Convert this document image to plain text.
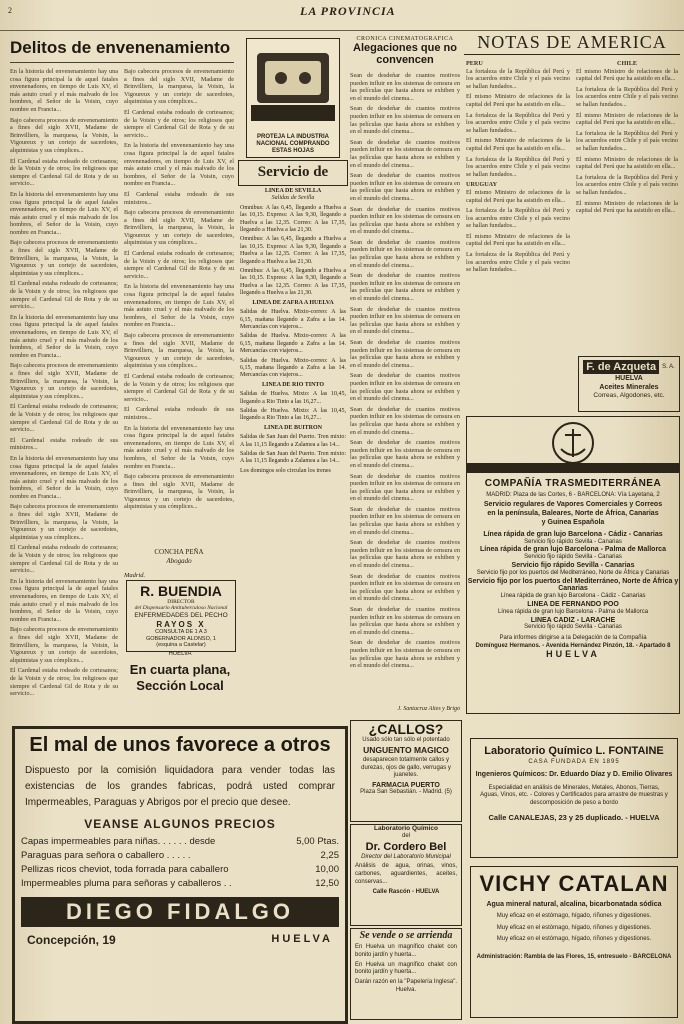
2	LA PROVINCIA
Delitos de envenenamiento

En la historia del envenenamiento hay una cosa figura principal la de aquel fatales envenenadores, en tiempo de Luis XV, el más astuto cruel y el más malvado de los hombres, el Señor de la Voisin, cuyo nombre en Francia...

Bajo cabecera procesos de envenenamiento a fines del siglo XVII, Madame de Brinvilliers, la marquesa, la Voisin, la Vigoureux y un cortejo de sacerdotes, alquimistas y sus cómplices...

El Cardenal estaba rodeado de cortesanos; de la Voisin y de otros; los religiosos que siempre el Cardenal Gil de Rota y de su servicio...

En la historia del envenenamiento hay una cosa figura principal la de aquel fatales envenenadores, en tiempo de Luis XV, el más astuto cruel y el más malvado de los hombres, el Señor de la Voisin, cuyo nombre en Francia...

Bajo cabecera procesos de envenenamiento a fines del siglo XVII, Madame de Brinvilliers, la marquesa, la Voisin, la Vigoureux y un cortejo de sacerdotes, alquimistas y sus cómplices...

El Cardenal estaba rodeado de cortesanos; de la Voisin y de otros; los religiosos que siempre el Cardenal Gil de Rota y de su servicio...

En la historia del envenenamiento hay una cosa figura principal la de aquel fatales envenenadores, en tiempo de Luis XV, el más astuto cruel y el más malvado de los hombres, el Señor de la Voisin, cuyo nombre en Francia...

Bajo cabecera procesos de envenenamiento a fines del siglo XVII, Madame de Brinvilliers, la marquesa, la Voisin, la Vigoureux y un cortejo de sacerdotes, alquimistas y sus cómplices...

El Cardenal estaba rodeado de cortesanos; de la Voisin y de otros; los religiosos que siempre el Cardenal Gil de Rota y de su servicio...

El Cardenal estaba rodeado de sus ministros...

En la historia del envenenamiento hay una cosa figura principal la de aquel fatales envenenadores, en tiempo de Luis XV, el más astuto cruel y el más malvado de los hombres, el Señor de la Voisin, cuyo nombre en Francia...

Bajo cabecera procesos de envenenamiento a fines del siglo XVII, Madame de Brinvilliers, la marquesa, la Voisin, la Vigoureux y un cortejo de sacerdotes, alquimistas y sus cómplices...

El Cardenal estaba rodeado de cortesanos; de la Voisin y de otros; los religiosos que siempre el Cardenal Gil de Rota y de su servicio...

En la historia del envenenamiento hay una cosa figura principal la de aquel fatales envenenadores, en tiempo de Luis XV, el más astuto cruel y el más malvado de los hombres, el Señor de la Voisin, cuyo nombre en Francia...

Bajo cabecera procesos de envenenamiento a fines del siglo XVII, Madame de Brinvilliers, la marquesa, la Voisin, la Vigoureux y un cortejo de sacerdotes, alquimistas y sus cómplices...

El Cardenal estaba rodeado de cortesanos; de la Voisin y de otros; los religiosos que siempre el Cardenal Gil de Rota y de su servicio...

Bajo cabecera procesos de envenenamiento a fines del siglo XVII, Madame de Brinvilliers, la marquesa, la Voisin, la Vigoureux y un cortejo de sacerdotes, alquimistas y sus cómplices...

El Cardenal estaba rodeado de cortesanos; de la Voisin y de otros; los religiosos que siempre el Cardenal Gil de Rota y de su servicio...

En la historia del envenenamiento hay una cosa figura principal la de aquel fatales envenenadores, en tiempo de Luis XV, el más astuto cruel y el más malvado de los hombres, el Señor de la Voisin, cuyo nombre en Francia...

El Cardenal estaba rodeado de sus ministros...

Bajo cabecera procesos de envenenamiento a fines del siglo XVII, Madame de Brinvilliers, la marquesa, la Voisin, la Vigoureux y un cortejo de sacerdotes, alquimistas y sus cómplices...

El Cardenal estaba rodeado de cortesanos; de la Voisin y de otros; los religiosos que siempre el Cardenal Gil de Rota y de su servicio...

En la historia del envenenamiento hay una cosa figura principal la de aquel fatales envenenadores, en tiempo de Luis XV, el más astuto cruel y el más malvado de los hombres, el Señor de la Voisin, cuyo nombre en Francia...

Bajo cabecera procesos de envenenamiento a fines del siglo XVII, Madame de Brinvilliers, la marquesa, la Voisin, la Vigoureux y un cortejo de sacerdotes, alquimistas y sus cómplices...

El Cardenal estaba rodeado de cortesanos; de la Voisin y de otros; los religiosos que siempre el Cardenal Gil de Rota y de su servicio...

El Cardenal estaba rodeado de sus ministros...

En la historia del envenenamiento hay una cosa figura principal la de aquel fatales envenenadores, en tiempo de Luis XV, el más astuto cruel y el más malvado de los hombres, el Señor de la Voisin, cuyo nombre en Francia...

Bajo cabecera procesos de envenenamiento a fines del siglo XVII, Madame de Brinvilliers, la marquesa, la Voisin, la Vigoureux y un cortejo de sacerdotes, alquimistas y sus cómplices...

CONCHA PEÑA
Abogado
Madrid.
R. BUENDIA
DIRECTOR
del Dispensario Antituberculoso Nacional
ENFERMEDADES DEL PECHO
RAYOS X
CONSULTA DE 1 A 3
GOBERNADOR ALONSO, 1
(esquina a Castelar)
HUELVA
En cuarta plana,
Sección Local
PROTEJA LA INDUSTRIA
NACIONAL COMPRANDO
ESTAS HOJAS
Servicio de
LINEA DE SEVILLA
Salidas de Sevilla

Omnibus: A las 6,45, llegando a Huelva a las 10,15. Express: A las 9,30, llegando a Huelva a las 12,35. Correo: A las 17,35, llegando a Huelva a las 21,30.

Omnibus: A las 6,45, llegando a Huelva a las 10,15. Express: A las 9,30, llegando a Huelva a las 12,35. Correo: A las 17,35, llegando a Huelva a las 21,30.

Omnibus: A las 6,45, llegando a Huelva a las 10,15. Express: A las 9,30, llegando a Huelva a las 12,35. Correo: A las 17,35, llegando a Huelva a las 21,30.

LINEA DE ZAFRA A HUELVA

Salidas de Huelva. Mixto-correo: A las 6,15, mañana llegando a Zafra a las 14. Mercancías con viajeros...

Salidas de Huelva. Mixto-correo: A las 6,15, mañana llegando a Zafra a las 14. Mercancías con viajeros...

Salidas de Huelva. Mixto-correo: A las 6,15, mañana llegando a Zafra a las 14. Mercancías con viajeros...

LINEA DE RIO TINTO

Salidas de Huelva. Mixto: A las 10,45, llegando a Rio Tinto a las 16,27...

Salidas de Huelva. Mixto: A las 10,45, llegando a Rio Tinto a las 16,27...

LINEA DE BUITRON

Salidas de San Juan del Puerto. Tren mixto: A las 11,15 llegando a Zalamea a las 14...

Salidas de San Juan del Puerto. Tren mixto: A las 11,15 llegando a Zalamea a las 14...

Los domingos solo circulan los trenes

CRÓNICA CINEMATOGRÁFICA
Alegaciones que no convencen

Sean de desdeñar de cuantos motivos pueden influir en los sistemas de censura en las películas que hasta ahora se exhiben y en el mundo del cinema...

Sean de desdeñar de cuantos motivos pueden influir en los sistemas de censura en las películas que hasta ahora se exhiben y en el mundo del cinema...

Sean de desdeñar de cuantos motivos pueden influir en los sistemas de censura en las películas que hasta ahora se exhiben y en el mundo del cinema...

Sean de desdeñar de cuantos motivos pueden influir en los sistemas de censura en las películas que hasta ahora se exhiben y en el mundo del cinema...

Sean de desdeñar de cuantos motivos pueden influir en los sistemas de censura en las películas que hasta ahora se exhiben y en el mundo del cinema...

Sean de desdeñar de cuantos motivos pueden influir en los sistemas de censura en las películas que hasta ahora se exhiben y en el mundo del cinema...

Sean de desdeñar de cuantos motivos pueden influir en los sistemas de censura en las películas que hasta ahora se exhiben y en el mundo del cinema...

Sean de desdeñar de cuantos motivos pueden influir en los sistemas de censura en las películas que hasta ahora se exhiben y en el mundo del cinema...

Sean de desdeñar de cuantos motivos pueden influir en los sistemas de censura en las películas que hasta ahora se exhiben y en el mundo del cinema...

Sean de desdeñar de cuantos motivos pueden influir en los sistemas de censura en las películas que hasta ahora se exhiben y en el mundo del cinema...

Sean de desdeñar de cuantos motivos pueden influir en los sistemas de censura en las películas que hasta ahora se exhiben y en el mundo del cinema...

Sean de desdeñar de cuantos motivos pueden influir en los sistemas de censura en las películas que hasta ahora se exhiben y en el mundo del cinema...

Sean de desdeñar de cuantos motivos pueden influir en los sistemas de censura en las películas que hasta ahora se exhiben y en el mundo del cinema...

Sean de desdeñar de cuantos motivos pueden influir en los sistemas de censura en las películas que hasta ahora se exhiben y en el mundo del cinema...

Sean de desdeñar de cuantos motivos pueden influir en los sistemas de censura en las películas que hasta ahora se exhiben y en el mundo del cinema...

Sean de desdeñar de cuantos motivos pueden influir en los sistemas de censura en las películas que hasta ahora se exhiben y en el mundo del cinema...

Sean de desdeñar de cuantos motivos pueden influir en los sistemas de censura en las películas que hasta ahora se exhiben y en el mundo del cinema...

Sean de desdeñar de cuantos motivos pueden influir en los sistemas de censura en las películas que hasta ahora se exhiben y en el mundo del cinema...

J. Santacruz Alíes y Brigó
NOTAS DE AMERICA
PERU

La fortaleza de la República del Perú y los acuerdos entre Chile y el país vecino se hallan fundados...

El mismo Ministro de relaciones de la capital del Perú que ha asistido en ella...

La fortaleza de la República del Perú y los acuerdos entre Chile y el país vecino se hallan fundados...

El mismo Ministro de relaciones de la capital del Perú que ha asistido en ella...

La fortaleza de la República del Perú y los acuerdos entre Chile y el país vecino se hallan fundados...

URUGUAY

El mismo Ministro de relaciones de la capital del Perú que ha asistido en ella...

La fortaleza de la República del Perú y los acuerdos entre Chile y el país vecino se hallan fundados...

El mismo Ministro de relaciones de la capital del Perú que ha asistido en ella...

La fortaleza de la República del Perú y los acuerdos entre Chile y el país vecino se hallan fundados...

CHILE

El mismo Ministro de relaciones de la capital del Perú que ha asistido en ella...

La fortaleza de la República del Perú y los acuerdos entre Chile y el país vecino se hallan fundados...

El mismo Ministro de relaciones de la capital del Perú que ha asistido en ella...

La fortaleza de la República del Perú y los acuerdos entre Chile y el país vecino se hallan fundados...

El mismo Ministro de relaciones de la capital del Perú que ha asistido en ella...

La fortaleza de la República del Perú y los acuerdos entre Chile y el país vecino se hallan fundados...

El mismo Ministro de relaciones de la capital del Perú que ha asistido en ella...

F. de Azqueta	S. A.
HUELVA
Aceites Minerales
Correas, Algodones, etc.
COMPAÑÍA TRASMEDITERRÁNEA
MADRID: Plaza de las Cortes, 6 - BARCELONA: Vía Layetana, 2
Servicio regulares de Vapores Comerciales y Correos
en la península, Baleares, Norte de África, Canarias
y Guinea Española
Línea rápida de gran lujo Barcelona - Cádiz - Canarias
Servicio fijo rápido Sevilla - Canarias
Línea rápida de gran lujo Barcelona - Palma de Mallorca
Servicio fijo rápido Sevilla - Canarias
Servicio fijo rápido Sevilla - Canarias
Servicio fijo por los puertos del Mediterráneo, Norte de África y Canarias
Servicio fijo por los puertos del Mediterráneo, Norte de África y Canarias
Línea rápida de gran lujo Barcelona - Cádiz - Canarias
LINEA DE FERNANDO POO
Línea rápida de gran lujo Barcelona - Palma de Mallorca
LINEA CADIZ - LARACHE
Servicio fijo rápido Sevilla - Canarias
Para informes dirigirse a la Delegación de la Compañía
Domínguez Hermanos. - Avenida Hernández Pinzón, 18. - Apartado 8
HUELVA
¿CALLOS?
Usado sólo tan sólo el potentado
UNGUENTO MAGICO
desaparecen totalmente callos y durezas, ojos de gallo, verrugas y juanetes.
FARMACIA PUERTO
Plaza San Sebastián. - Madrid. (5)
Laboratorio Químico
del
Dr. Cordero Bel
Director del Laboratorio Municipal
Análisis de agua, orinas, vinos, carbones, aguardientes, aceites, conservas...
Calle Rascón - HUELVA
Se vende o se arrienda
En Huelva un magnífico chalet con bonito jardín y huerta...
En Huelva un magnífico chalet con bonito jardín y huerta...
Darán razón en la "Papelería Inglesa". Huelva.
Laboratorio Químico L. FONTAINE
CASA FUNDADA EN 1895
Ingenieros Químicos: Dr. Eduardo Díaz y D. Emilio Olivares
Especialidad en análisis de Minerales, Metales, Abonos, Tierras, Aguas, Vinos, etc. - Colores y Certificados para arrastre de muestras y descomposición de peso a bordo
Calle CANALEJAS, 23 y 25 duplicado. - HUELVA
VICHY CATALAN
Agua mineral natural, alcalina, bicarbonatada sódica
Muy eficaz en el estómago, hígado, riñones y digestiones.
Muy eficaz en el estómago, hígado, riñones y digestiones.
Muy eficaz en el estómago, hígado, riñones y digestiones.
Administración: Rambla de las Flores, 15, entresuelo - BARCELONA
El mal de unos favorece a otros
Dispuesto por la comisión liquidadora para vender todas las existencias de los grandes fabricas, podrá usted comprar Impermeables, Paraguas y Abrigos por el precio que desee.
VEANSE ALGUNOS PRECIOS
Capas impermeables para niñas. . . . . . desde	5,00 Ptas.
Paraguas para señora o caballero . . . . .	2,25
Pellizas ricos cheviot, toda forrada para caballero	10,00
Impermeables pluma para señoras y caballeros . .	12,50
DIEGO FIDALGO
Concepción, 19	HUELVA
